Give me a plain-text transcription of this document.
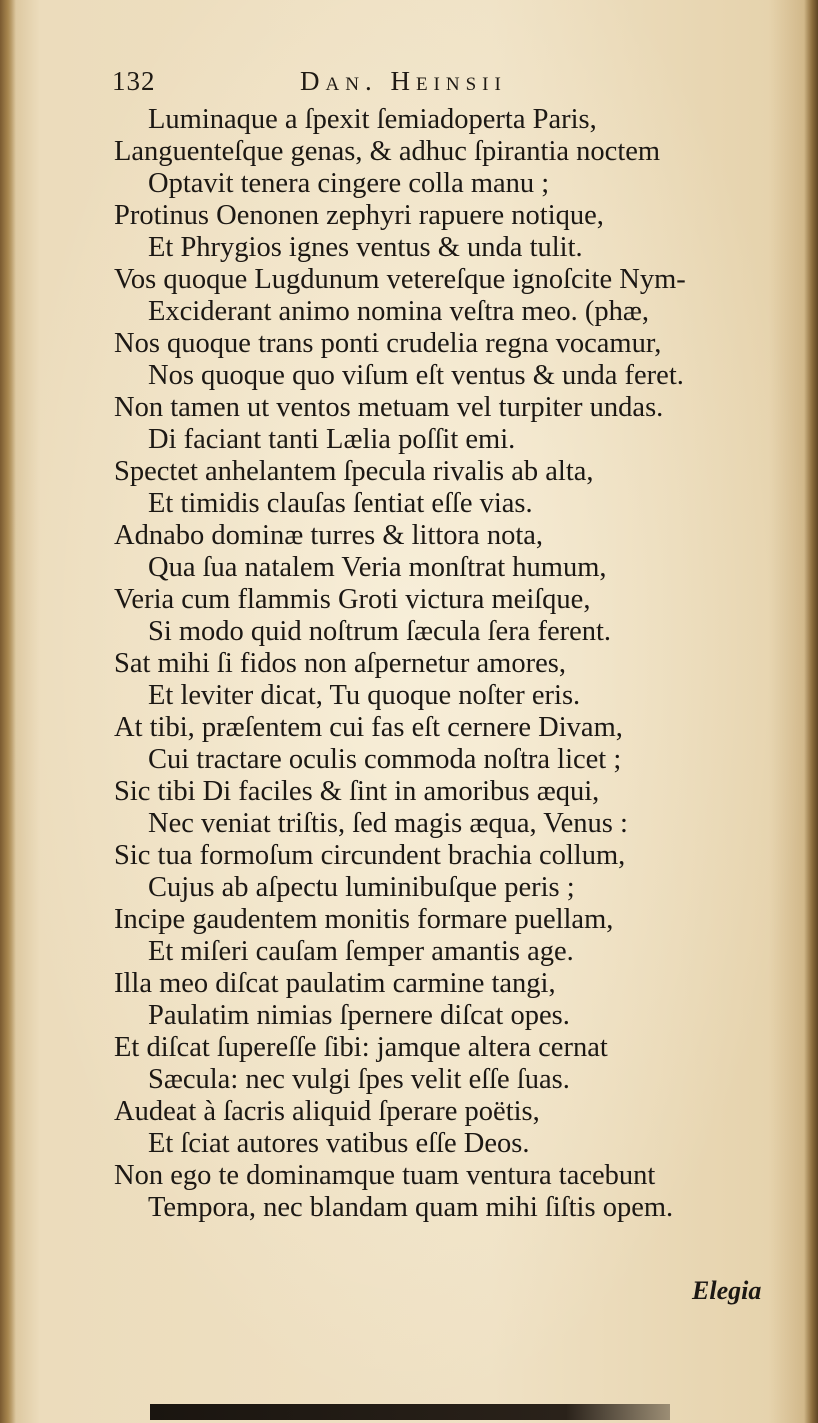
132	Dan. Heinsii
Luminaque a ſpexit ſemiadoperta Paris,
Languenteſque genas, & adhuc ſpirantia noctem
Optavit tenera cingere colla manu ;
Protinus Oenonen zephyri rapuere notique,
Et Phrygios ignes ventus & unda tulit.
Vos quoque Lugdunum vetereſque ignoſcite Nym-
Exciderant animo nomina veſtra meo. (phæ,
Nos quoque trans ponti crudelia regna vocamur,
Nos quoque quo viſum eſt ventus & unda feret.
Non tamen ut ventos metuam vel turpiter undas.
Di faciant tanti Lælia poſſit emi.
Spectet anhelantem ſpecula rivalis ab alta,
Et timidis clauſas ſentiat eſſe vias.
Adnabo dominæ turres & littora nota,
Qua ſua natalem Veria monſtrat humum,
Veria cum flammis Groti victura meiſque,
Si modo quid noſtrum ſæcula ſera ferent.
Sat mihi ſi fidos non aſpernetur amores,
Et leviter dicat, Tu quoque noſter eris.
At tibi, præſentem cui fas eſt cernere Divam,
Cui tractare oculis commoda noſtra licet ;
Sic tibi Di faciles & ſint in amoribus æqui,
Nec veniat triſtis, ſed magis æqua, Venus :
Sic tua formoſum circundent brachia collum,
Cujus ab aſpectu luminibuſque peris ;
Incipe gaudentem monitis formare puellam,
Et miſeri cauſam ſemper amantis age.
Illa meo diſcat paulatim carmine tangi,
Paulatim nimias ſpernere diſcat opes.
Et diſcat ſupereſſe ſibi: jamque altera cernat
Sæcula: nec vulgi ſpes velit eſſe ſuas.
Audeat à ſacris aliquid ſperare poëtis,
Et ſciat autores vatibus eſſe Deos.
Non ego te dominamque tuam ventura tacebunt
Tempora, nec blandam quam mihi ſiſtis opem.
Elegia
